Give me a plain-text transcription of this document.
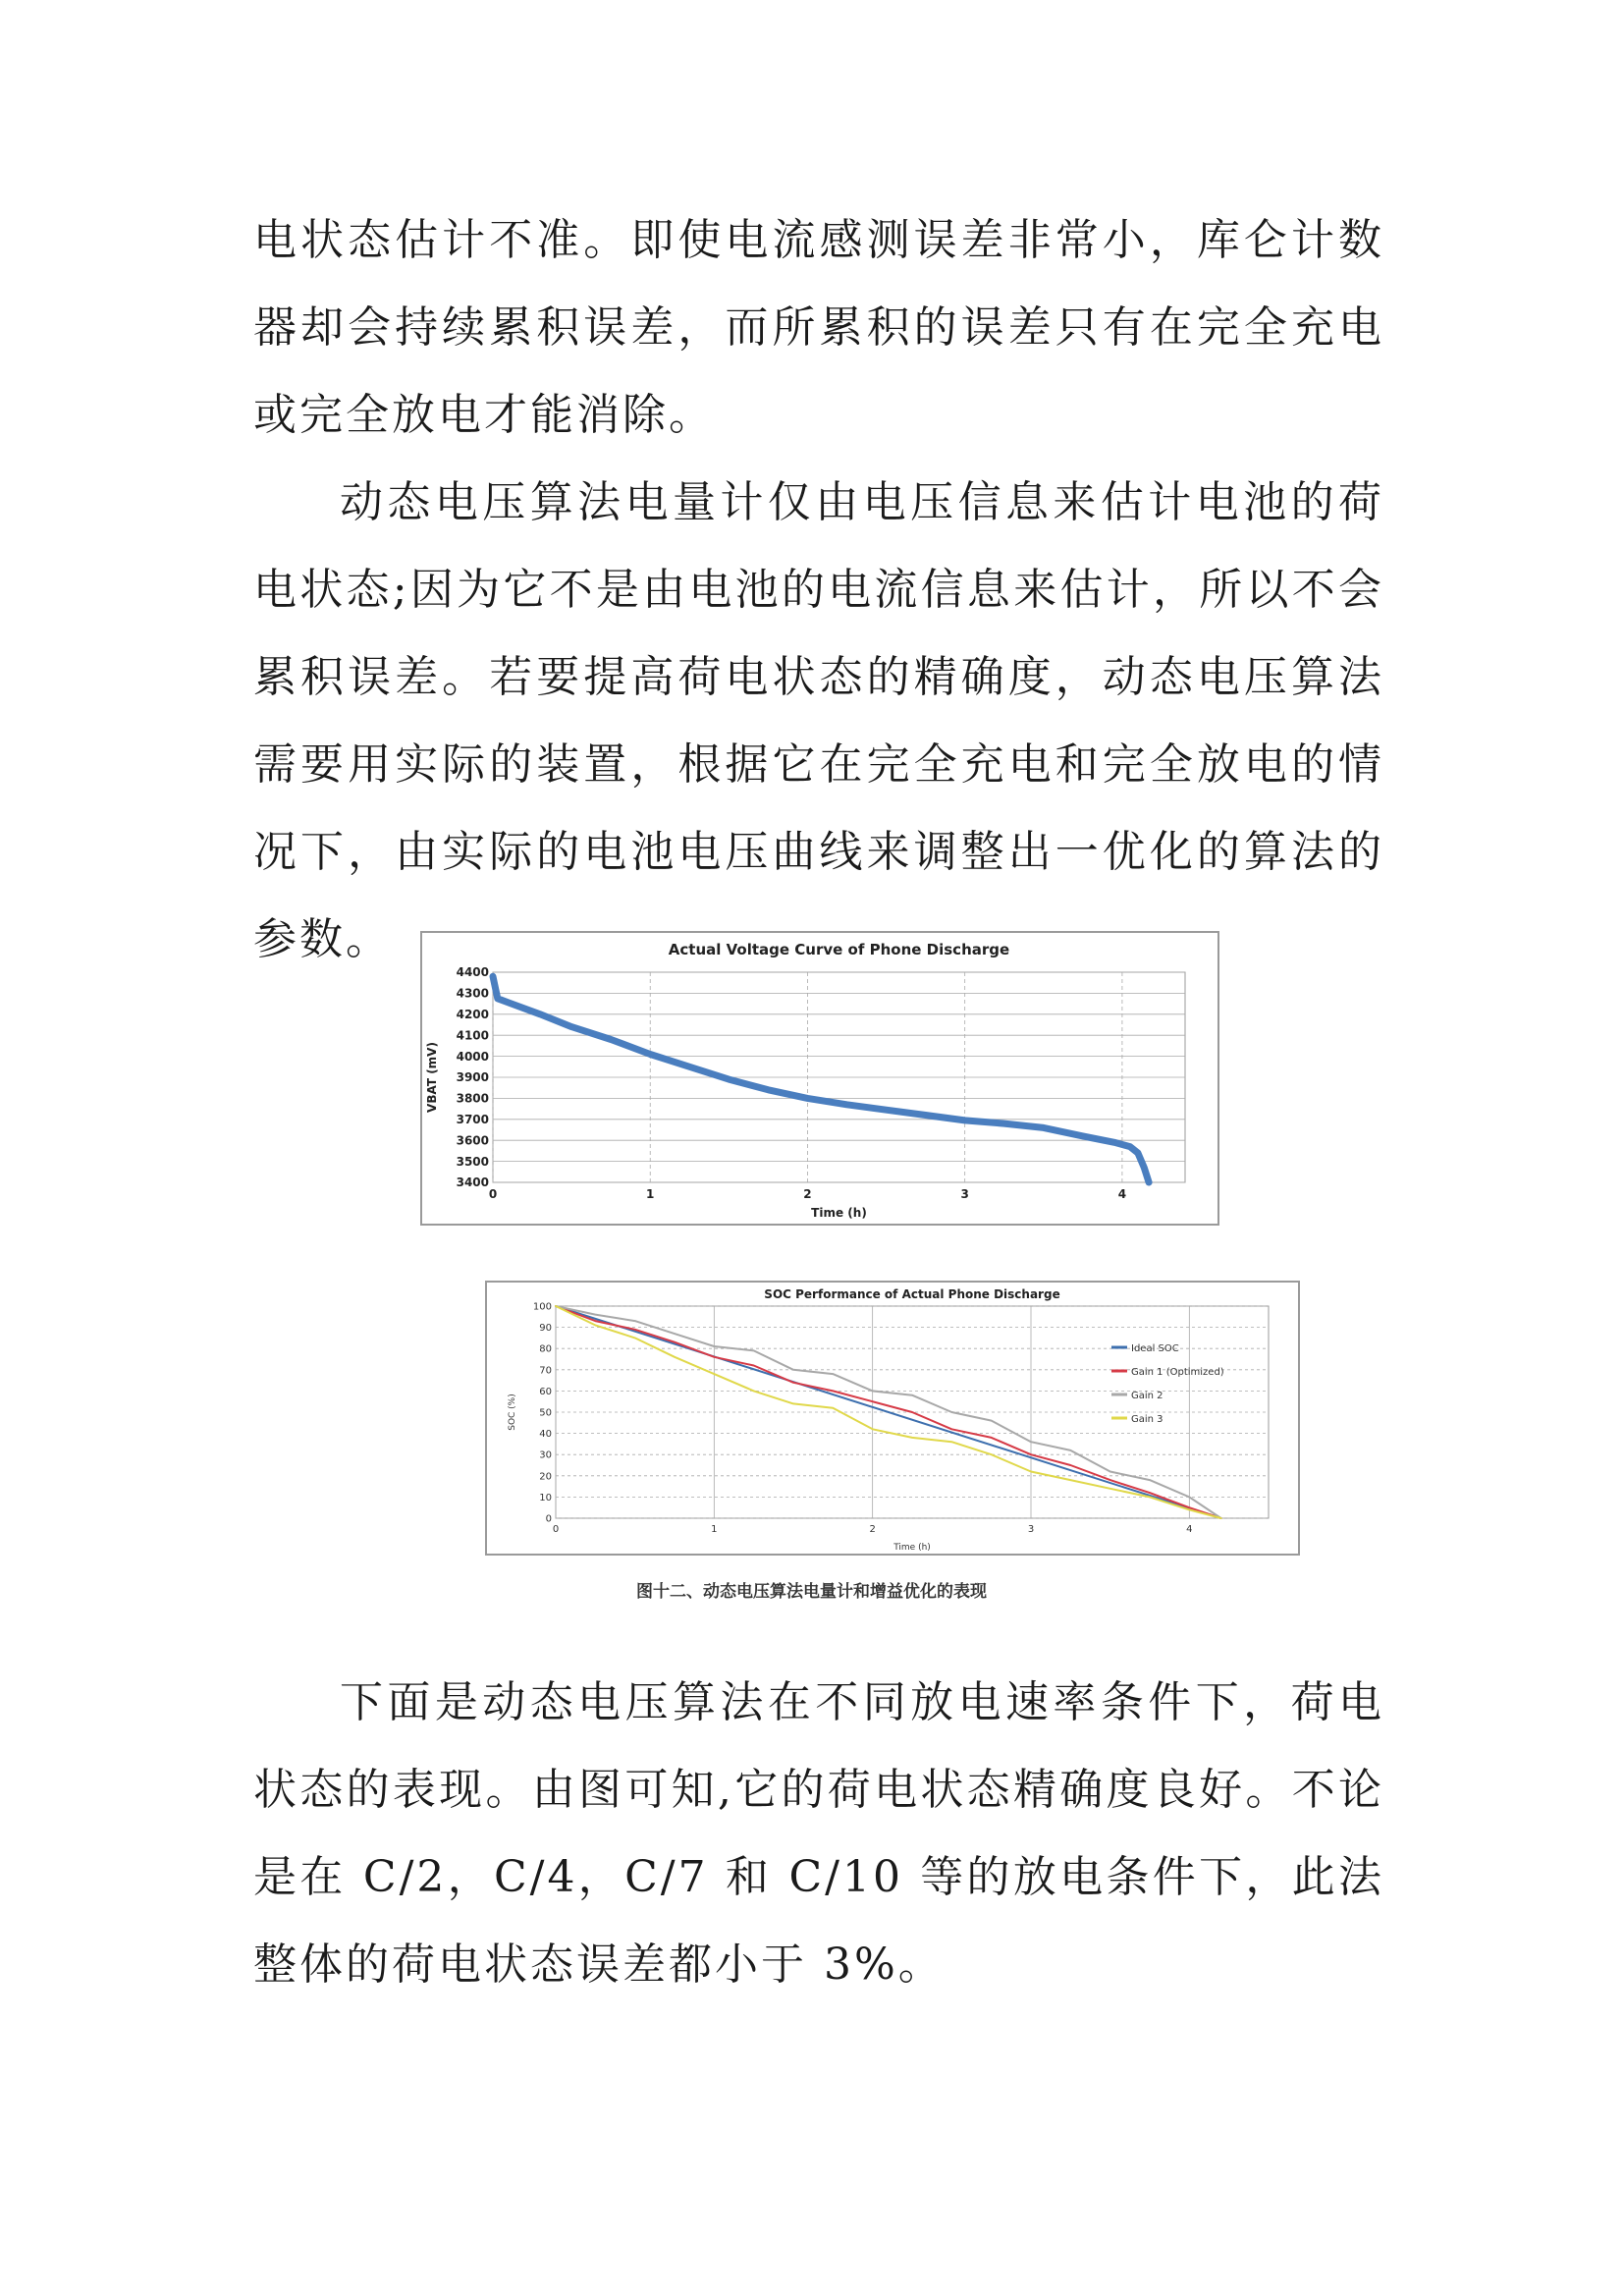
电状态估计不准。即使电流感测误差非常小，库仑计数器却会持续累积误差，而所累积的误差只有在完全充电或完全放电才能消除。

动态电压算法电量计仅由电压信息来估计电池的荷电状态;因为它不是由电池的电流信息来估计，所以不会累积误差。若要提高荷电状态的精确度，动态电压算法需要用实际的装置，根据它在完全充电和完全放电的情况下，由实际的电池电压曲线来调整出一优化的算法的参数。	Actual Voltage Curve of Phone Discharge
3400
3500
3600
3700
3800
3900
4000
4100
4200
4300
4400
0	1	2	3	4
Time (h)
VBAT (mV)
SOC Performance of Actual Phone Discharge
0
10
20
30
40
50
60
70
80
90
100
0	1	2	3	4
Time (h)
SOC (%)
Ideal SOC
Gain 1 (Optimized)
Gain 2
Gain 3
图十二、动态电压算法电量计和增益优化的表现

下面是动态电压算法在不同放电速率条件下，荷电状态的表现。由图可知,它的荷电状态精确度良好。不论是在 C/2，C/4，C/7 和 C/10 等的放电条件下，此法整体的荷电状态误差都小于 3%。
